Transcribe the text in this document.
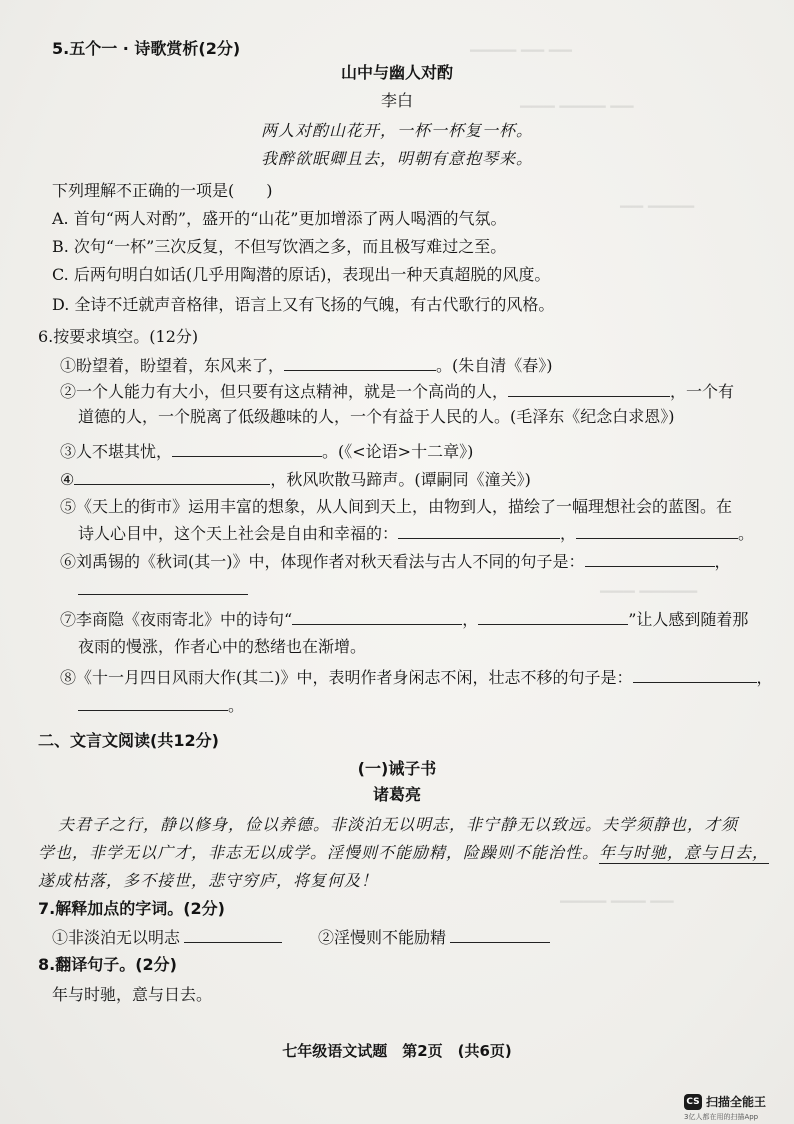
▁▁▁▁ ▁▁ ▁▁
▁▁▁ ▁▁▁▁ ▁▁
▁▁ ▁▁▁▁
▁▁▁ ▁▁▁▁▁
▁▁▁▁ ▁▁▁ ▁▁
5.五个一 · 诗歌赏析(2分)
山中与幽人对酌
李白
两人对酌山花开，一杯一杯复一杯。
我醉欲眠卿且去，明朝有意抱琴来。
下列理解不正确的一项是(　　)
A. 首句“两人对酌”，盛开的“山花”更加增添了两人喝酒的气氛。
B. 次句“一杯”三次反复，不但写饮酒之多，而且极写难过之至。
C. 后两句明白如话(几乎用陶潜的原话)，表现出一种天真超脱的风度。
D. 全诗不迁就声音格律，语言上又有飞扬的气魄，有古代歌行的风格。
6.按要求填空。(12分)
①盼望着，盼望着，东风来了，	。(朱自清《春》)
②一个人能力有大小，但只要有这点精神，就是一个高尚的人，	，一个有
道德的人，一个脱离了低级趣味的人，一个有益于人民的人。(毛泽东《纪念白求恩》)
③人不堪其忧，	。(《<论语>十二章》)
④	，秋风吹散马蹄声。(谭嗣同《潼关》)
⑤《天上的街市》运用丰富的想象，从人间到天上，由物到人，描绘了一幅理想社会的蓝图。在
诗人心目中，这个天上社会是自由和幸福的：	，	。
⑥刘禹锡的《秋词(其一)》中，体现作者对秋天看法与古人不同的句子是：	，
⑦李商隐《夜雨寄北》中的诗句“	，	”让人感到随着那
夜雨的慢涨，作者心中的愁绪也在渐增。
⑧《十一月四日风雨大作(其二)》中，表明作者身闲志不闲，壮志不移的句子是：	，
。
二、文言文阅读(共12分)
(一)诫子书
诸葛亮
夫君子之行，静以修身，俭以养德。非淡泊无以明志，非宁静无以致远。夫学须静也，才须
学也，非学无以广才，非志无以成学。淫慢则不能励精，险躁则不能治性。年与时驰，意与日去，
遂成枯落，多不接世，悲守穷庐，将复何及！
7.解释加点的字词。(2分)
①非淡泊无以明志	②淫慢则不能励精
8.翻译句子。(2分)
年与时驰，意与日去。
七年级语文试题　第2页　(共6页)
CS 扫描全能王
3亿人都在用的扫描App
